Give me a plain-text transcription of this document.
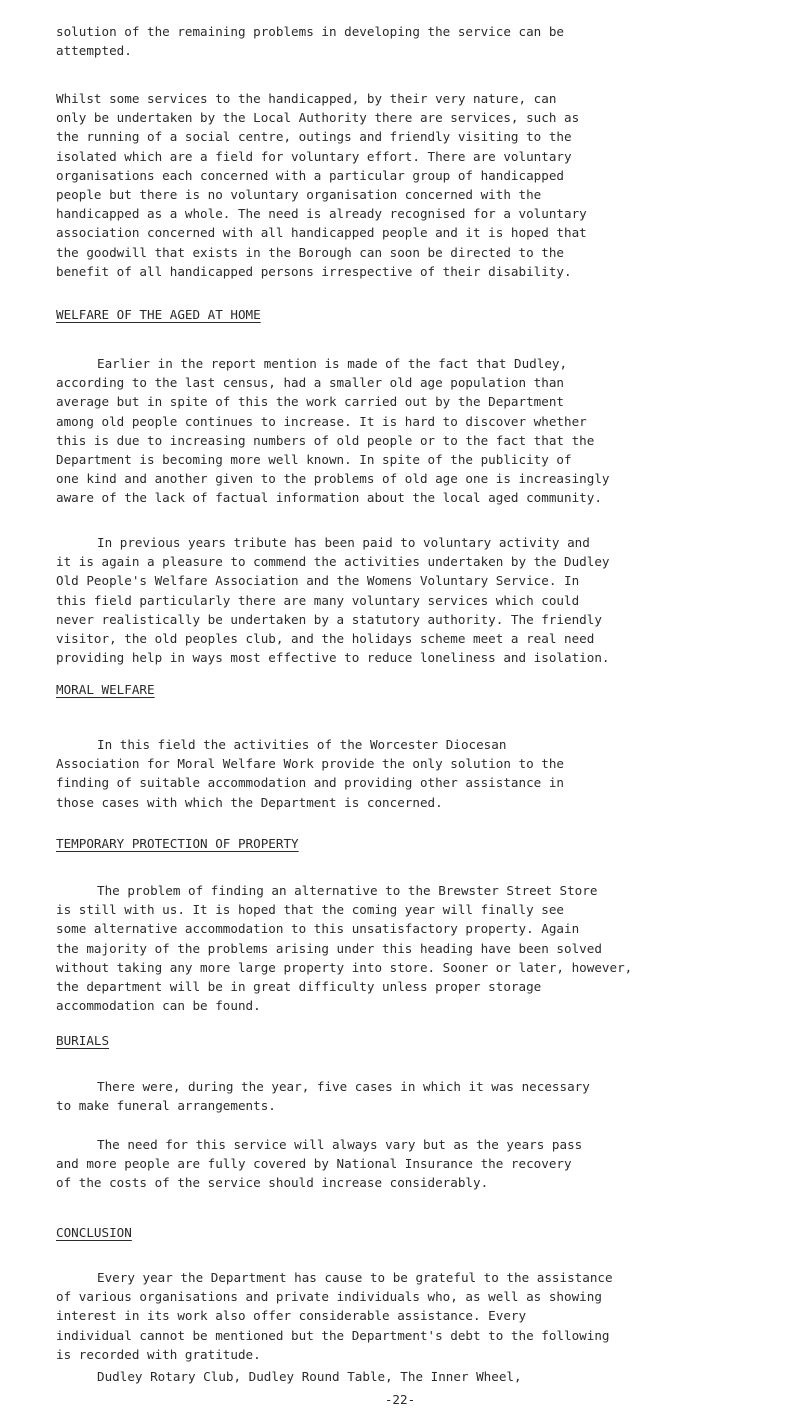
solution of the remaining problems in developing the service can be
attempted.
Whilst some services to the handicapped, by their very nature, can
only be undertaken by the Local Authority there are services, such as
the running of a social centre, outings and friendly visiting to the
isolated which are a field for voluntary effort. There are voluntary
organisations each concerned with a particular group of handicapped
people but there is no voluntary organisation concerned with the
handicapped as a whole. The need is already recognised for a voluntary
association concerned with all handicapped people and it is hoped that
the goodwill that exists in the Borough can soon be directed to the
benefit of all handicapped persons irrespective of their disability.
WELFARE OF THE AGED AT HOME
Earlier in the report mention is made of the fact that Dudley,
according to the last census, had a smaller old age population than
average but in spite of this the work carried out by the Department
among old people continues to increase. It is hard to discover whether
this is due to increasing numbers of old people or to the fact that the
Department is becoming more well known. In spite of the publicity of
one kind and another given to the problems of old age one is increasingly
aware of the lack of factual information about the local aged community.
In previous years tribute has been paid to voluntary activity and
it is again a pleasure to commend the activities undertaken by the Dudley
Old People's Welfare Association and the Womens Voluntary Service. In
this field particularly there are many voluntary services which could
never realistically be undertaken by a statutory authority. The friendly
visitor, the old peoples club, and the holidays scheme meet a real need
providing help in ways most effective to reduce loneliness and isolation.
MORAL WELFARE
In this field the activities of the Worcester Diocesan
Association for Moral Welfare Work provide the only solution to the
finding of suitable accommodation and providing other assistance in
those cases with which the Department is concerned.
TEMPORARY PROTECTION OF PROPERTY
The problem of finding an alternative to the Brewster Street Store
is still with us. It is hoped that the coming year will finally see
some alternative accommodation to this unsatisfactory property. Again
the majority of the problems arising under this heading have been solved
without taking any more large property into store. Sooner or later, however,
the department will be in great difficulty unless proper storage
accommodation can be found.
BURIALS
There were, during the year, five cases in which it was necessary
to make funeral arrangements.
The need for this service will always vary but as the years pass
and more people are fully covered by National Insurance the recovery
of the costs of the service should increase considerably.
CONCLUSION
Every year the Department has cause to be grateful to the assistance
of various organisations and private individuals who, as well as showing
interest in its work also offer considerable assistance. Every
individual cannot be mentioned but the Department's debt to the following
is recorded with gratitude.
Dudley Rotary Club, Dudley Round Table, The Inner Wheel,
-22-
